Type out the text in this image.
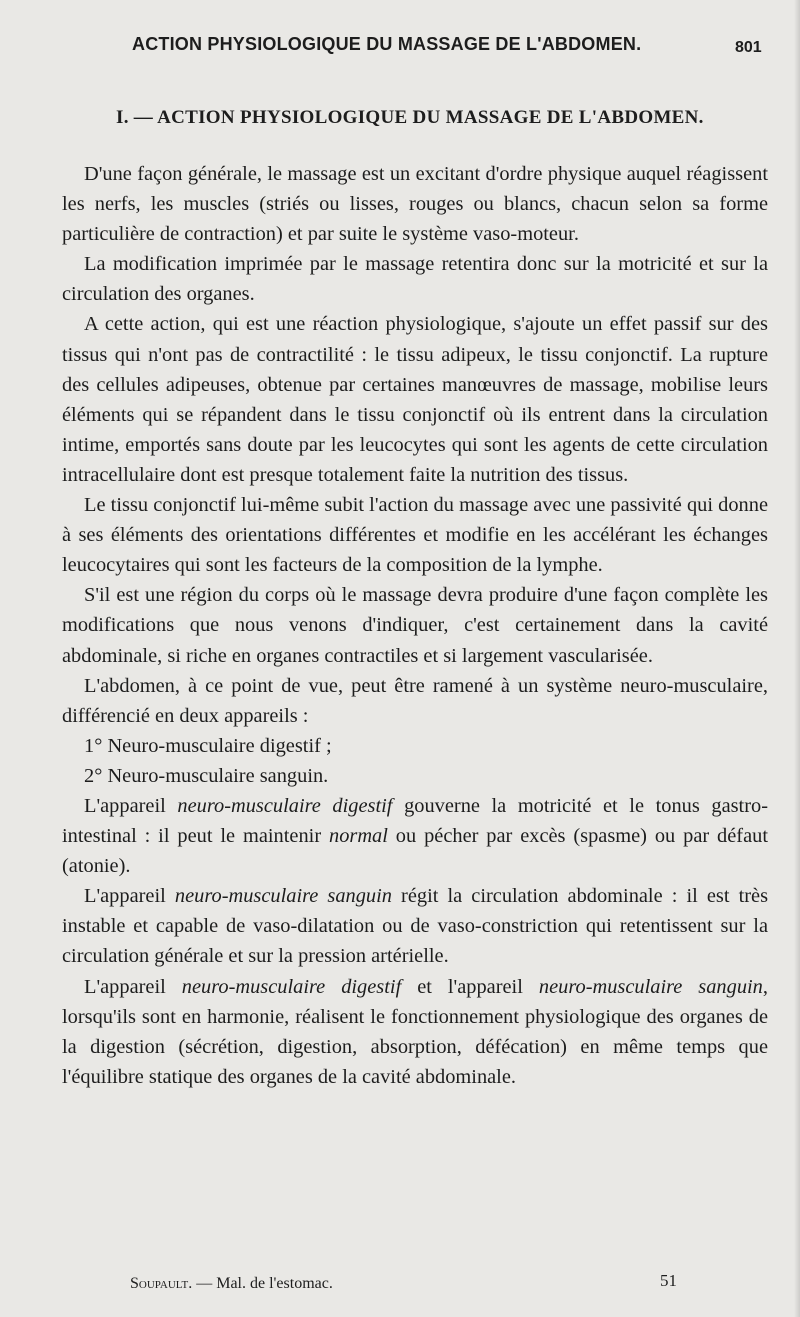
ACTION PHYSIOLOGIQUE DU MASSAGE DE L'ABDOMEN.	801
I. — ACTION PHYSIOLOGIQUE DU MASSAGE DE L'ABDOMEN.

D'une façon générale, le massage est un excitant d'ordre physique auquel réagissent les nerfs, les muscles (striés ou lisses, rouges ou blancs, chacun selon sa forme particulière de contraction) et par suite le système vaso-moteur.

La modification imprimée par le massage retentira donc sur la motricité et sur la circulation des organes.

A cette action, qui est une réaction physiologique, s'ajoute un effet passif sur des tissus qui n'ont pas de contractilité : le tissu adipeux, le tissu conjonctif. La rupture des cellules adipeuses, obtenue par certaines manœuvres de massage, mobilise leurs éléments qui se répandent dans le tissu conjonctif où ils entrent dans la circulation intime, emportés sans doute par les leucocytes qui sont les agents de cette circulation intracellulaire dont est presque totalement faite la nutrition des tissus.

Le tissu conjonctif lui-même subit l'action du massage avec une passivité qui donne à ses éléments des orientations différentes et modifie en les accélérant les échanges leucocytaires qui sont les facteurs de la composition de la lymphe.

S'il est une région du corps où le massage devra produire d'une façon complète les modifications que nous venons d'indiquer, c'est certainement dans la cavité abdominale, si riche en organes contractiles et si largement vascularisée.

L'abdomen, à ce point de vue, peut être ramené à un système neuro-musculaire, différencié en deux appareils :

1° Neuro-musculaire digestif ;

2° Neuro-musculaire sanguin.

L'appareil neuro-musculaire digestif gouverne la motricité et le tonus gastro-intestinal : il peut le maintenir normal ou pécher par excès (spasme) ou par défaut (atonie).

L'appareil neuro-musculaire sanguin régit la circulation abdominale : il est très instable et capable de vaso-dilatation ou de vaso-constriction qui retentissent sur la circulation générale et sur la pression artérielle.

L'appareil neuro-musculaire digestif et l'appareil neuro-musculaire sanguin, lorsqu'ils sont en harmonie, réalisent le fonctionnement physiologique des organes de la digestion (sécrétion, digestion, absorption, défécation) en même temps que l'équilibre statique des organes de la cavité abdominale.

Soupault. — Mal. de l'estomac.	51
